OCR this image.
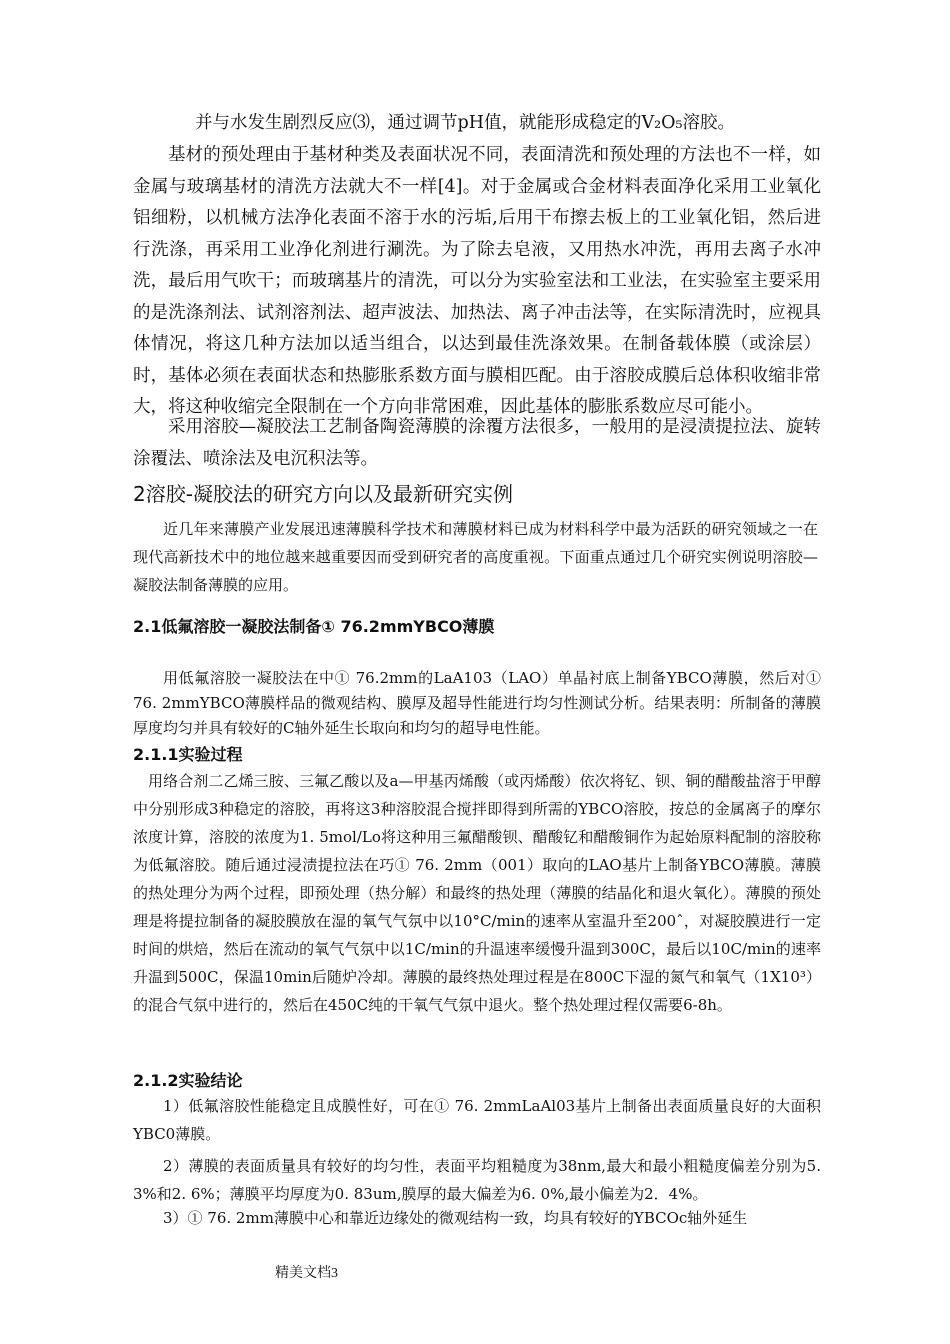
并与水发生剧烈反应⑶，通过调节pH值，就能形成稳定的V₂O₅溶胶。

基材的预处理由于基材种类及表面状况不同，表面清洗和预处理的方法也不一样，如金属与玻璃基材的清洗方法就大不一样[4]。对于金属或合金材料表面净化采用工业氧化铝细粉，以机械方法净化表面不溶于水的污垢,后用干布擦去板上的工业氧化铝，然后进行洗涤，再采用工业净化剂进行涮洗。为了除去皂液，又用热水冲洗，再用去离子水冲洗，最后用气吹干；而玻璃基片的清洗，可以分为实验室法和工业法，在实验室主要采用的是洗涤剂法、试剂溶剂法、超声波法、加热法、离子冲击法等，在实际清洗时，应视具体情况，将这几种方法加以适当组合，以达到最佳洗涤效果。在制备载体膜（或涂层）时，基体必须在表面状态和热膨胀系数方面与膜相匹配。由于溶胶成膜后总体积收缩非常大，将这种收缩完全限制在一个方向非常困难，因此基体的膨胀系数应尽可能小。

采用溶胶—凝胶法工艺制备陶瓷薄膜的涂覆方法很多，一般用的是浸渍提拉法、旋转涂覆法、喷涂法及电沉积法等。

2溶胶-凝胶法的研究方向以及最新研究实例

近几年来薄膜产业发展迅速薄膜科学技术和薄膜材料已成为材料科学中最为活跃的研究领域之一在现代高新技术中的地位越来越重要因而受到研究者的高度重视。下面重点通过几个研究实例说明溶胶—凝胶法制备薄膜的应用。

2.1低氟溶胶一凝胶法制备① 76.2mmYBCO薄膜

用低氟溶胶一凝胶法在中① 76.2mm的LaA103（LAO）单晶衬底上制备YBCO薄膜，然后对① 76. 2mmYBCO薄膜样品的微观结构、膜厚及超导性能进行均匀性测试分析。结果表明：所制备的薄膜厚度均匀并具有较好的C轴外延生长取向和均匀的超导电性能。

2.1.1实验过程

用络合剂二乙烯三胺、三氟乙酸以及a—甲基丙烯酸（或丙烯酸）依次将钇、钡、铜的醋酸盐溶于甲醇中分别形成3种稳定的溶胶，再将这3种溶胶混合搅拌即得到所需的YBCO溶胶，按总的金属离子的摩尔浓度计算，溶胶的浓度为1. 5mol/Lo将这种用三氟醋酸钡、醋酸钇和醋酸铜作为起始原料配制的溶胶称为低氟溶胶。随后通过浸渍提拉法在巧① 76. 2mm（001）取向的LAO基片上制备YBCO薄膜。薄膜的热处理分为两个过程，即预处理（热分解）和最终的热处理（薄膜的结晶化和退火氧化）。薄膜的预处理是将提拉制备的凝胶膜放在湿的氧气气氛中以10°C/min的速率从室温升至200ˆ，对凝胶膜进行一定时间的烘焙，然后在流动的氧气气氛中以1C/min的升温速率缓慢升温到300C，最后以10C/min的速率升温到500C，保温10min后随炉冷却。薄膜的最终热处理过程是在800C下湿的氮气和氧气（1X10³）的混合气氛中进行的，然后在450C纯的干氧气气氛中退火。整个热处理过程仅需要6-8h。

2.1.2实验结论

1）低氟溶胶性能稳定且成膜性好，可在① 76. 2mmLaAl03基片上制备出表面质量良好的大面积YBC0薄膜。

2）薄膜的表面质量具有较好的均匀性，表面平均粗糙度为38nm,最大和最小粗糙度偏差分别为5. 3%和2. 6%；薄膜平均厚度为0. 83um,膜厚的最大偏差为6. 0%,最小偏差为2．4%。

3）① 76. 2mm薄膜中心和靠近边缘处的微观结构一致，均具有较好的YBCOc轴外延生

精美文档3
